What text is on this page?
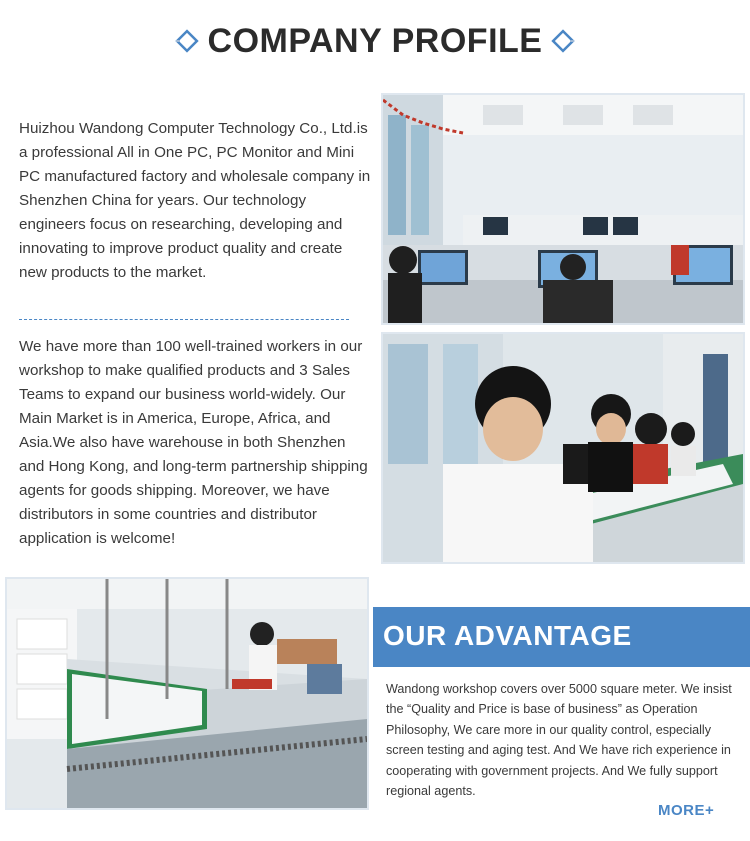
COMPANY PROFILE

Huizhou Wandong Computer Technology Co., Ltd.is a professional All in One PC, PC Monitor and Mini PC manufactured factory and wholesale company in Shenzhen China for years. Our technology engineers focus on researching, developing and innovating to improve product quality and create new products to the market.

We have more than 100 well-trained workers in our workshop to make qualified products and 3 Sales Teams to expand our business world-widely. Our Main Market is in America, Europe, Africa, and Asia.We also have warehouse in both Shenzhen and Hong Kong, and long-term partnership shipping agents for goods shipping. Moreover, we have distributors in some countries and distributor application is welcome!

OUR ADVANTAGE

Wandong workshop covers over 5000 square meter. We insist the “Quality and Price is base of business” as Operation Philosophy, We care more in our quality control, especially screen testing and aging test. And We have rich experience in cooperating with government projects. And We fully support regional agents.

MORE+
